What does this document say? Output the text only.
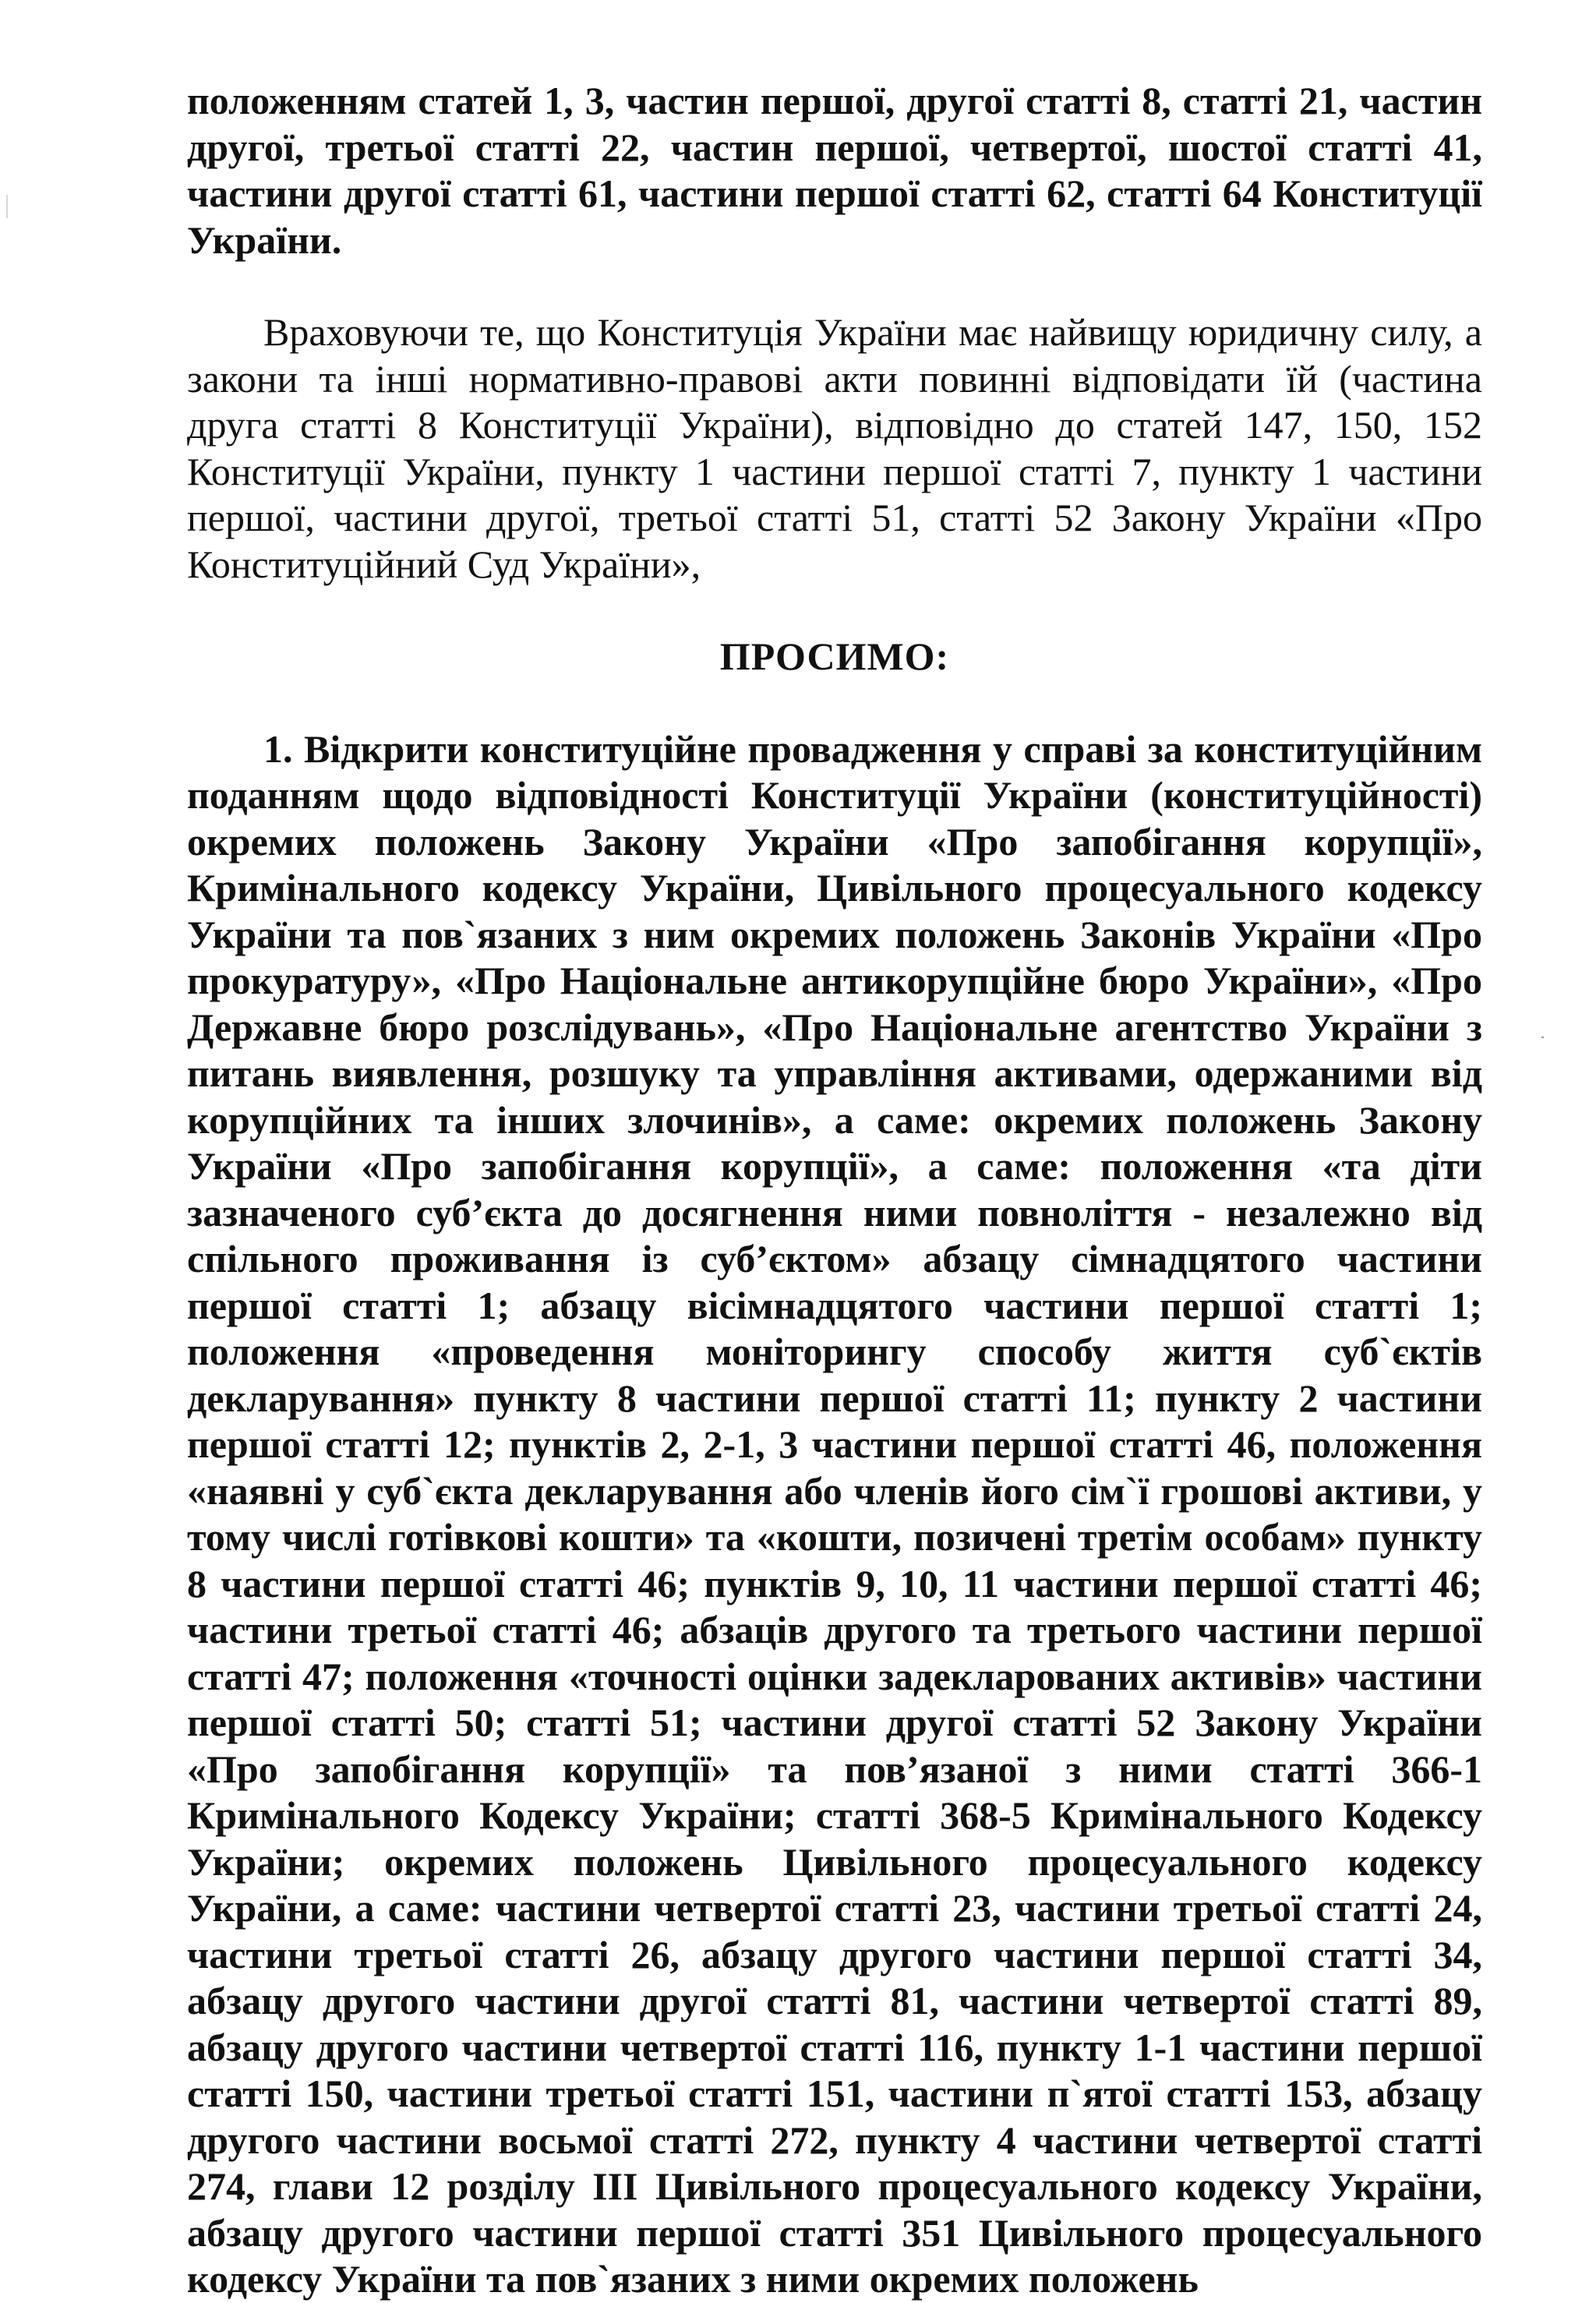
положенням статей 1, 3, частин першої, другої статті 8, статті 21, частин другої, третьої статті 22, частин першої, четвертої, шостої статті 41, частини другої статті 61, частини першої статті 62, статті 64 Конституції України.

Враховуючи те, що Конституція України має найвищу юридичну силу, а закони та інші нормативно-правові акти повинні відповідати їй (частина друга статті 8 Конституції України), відповідно до статей 147, 150, 152 Конституції України, пункту 1 частини першої статті 7, пункту 1 частини першої, частини другої, третьої статті 51, статті 52 Закону України «Про Конституційний Суд України»,

ПРОСИМО:

1. Відкрити конституційне провадження у справі за конституційним поданням щодо відповідності Конституції України (конституційності) окремих положень Закону України «Про запобігання корупції», Кримінального кодексу України, Цивільного процесуального кодексу України та пов`язаних з ним окремих положень Законів України «Про прокуратуру», «Про Національне антикорупційне бюро України», «Про Державне бюро розслідувань», «Про Національне агентство України з питань виявлення, розшуку та управління активами, одержаними від корупційних та інших злочинів», а саме: окремих положень Закону України «Про запобігання корупції», а саме: положення «та діти зазначеного суб’єкта до досягнення ними повноліття - незалежно від спільного проживання із суб’єктом» абзацу сімнадцятого частини першої статті 1; абзацу вісімнадцятого частини першої статті 1; положення «проведення моніторингу способу життя суб`єктів декларування» пункту 8 частини першої статті 11; пункту 2 частини першої статті 12; пунктів 2, 2-1, 3 частини першої статті 46, положення «наявні у суб`єкта декларування або членів його сім`ї грошові активи, у тому числі готівкові кошти» та «кошти, позичені третім особам» пункту 8 частини першої статті 46; пунктів 9, 10, 11 частини першої статті 46; частини третьої статті 46; абзаців другого та третього частини першої статті 47; положення «точності оцінки задекларованих активів» частини першої статті 50; статті 51; частини другої статті 52 Закону України «Про запобігання корупції» та пов’язаної з ними статті 366-1 Кримінального Кодексу України; статті 368-5 Кримінального Кодексу України; окремих положень Цивільного процесуального кодексу України, а саме: частини четвертої статті 23, частини третьої статті 24, частини третьої статті 26, абзацу другого частини першої статті 34, абзацу другого частини другої статті 81, частини четвертої статті 89, абзацу другого частини четвертої статті 116, пункту 1-1 частини першої статті 150, частини третьої статті 151, частини п`ятої статті 153, абзацу другого частини восьмої статті 272, пункту 4 частини четвертої статті 274, глави 12 розділу ІІІ Цивільного процесуального кодексу України, абзацу другого частини першої статті 351 Цивільного процесуального кодексу України та пов`язаних з ними окремих положень
